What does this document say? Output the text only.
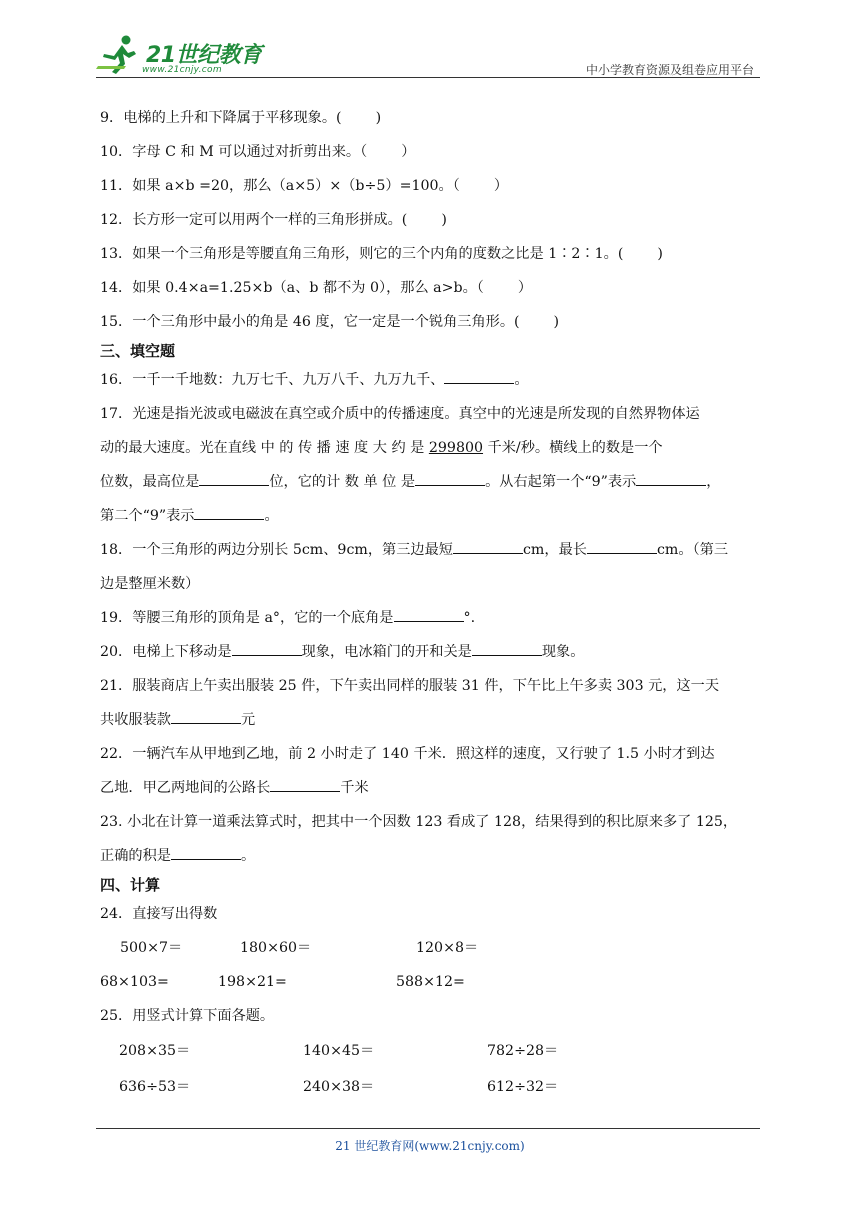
21世纪教育
www.21cnjy.com	中小学教育资源及组卷应用平台
9．电梯的上升和下降属于平移现象。( )
10．字母 C 和 M 可以通过对折剪出来。（ ）
11．如果 a×b =20，那么（a×5）×（b÷5）=100。（ ）
12．长方形一定可以用两个一样的三角形拼成。( )
13．如果一个三角形是等腰直角三角形，则它的三个内角的度数之比是 1∶2∶1。( )
14．如果 0.4×a=1.25×b（a、b 都不为 0），那么 a>b。（ ）
15．一个三角形中最小的角是 46 度，它一定是一个锐角三角形。( )
三、填空题
16．一千一千地数：九万七千、九万八千、九万九千、	。
17．光速是指光波或电磁波在真空或介质中的传播速度。真空中的光速是所发现的自然界物体运
动的最大速度。光在直线 中 的 传 播 速 度 大 约 是 299800 千米/秒。横线上的数是一个
位数，最高位是	位，它的计 数 单 位 是	。从右起第一个“9”表示	，
第二个“9”表示	。
18．一个三角形的两边分别长 5cm、9cm，第三边最短	cm，最长	cm。（第三
边是整厘米数）
19．等腰三角形的顶角是 a°，它的一个底角是	°.
20．电梯上下移动是	现象，电冰箱门的开和关是	现象。
21．服装商店上午卖出服装 25 件，下午卖出同样的服装 31 件，下午比上午多卖 303 元，这一天
共收服装款	元
22．一辆汽车从甲地到乙地，前 2 小时走了 140 千米．照这样的速度，又行驶了 1.5 小时才到达
乙地．甲乙两地间的公路长	千米
23. 小北在计算一道乘法算式时，把其中一个因数 123 看成了 128，结果得到的积比原来多了 125，
正确的积是	。
四、计算
24．直接写出得数
500×7＝	180×60＝	120×8＝
68×103=	198×21=	588×12=
25．用竖式计算下面各题。
208×35＝	140×45＝	782÷28＝
636÷53＝	240×38＝	612÷32＝
21 世纪教育网(www.21cnjy.com)
